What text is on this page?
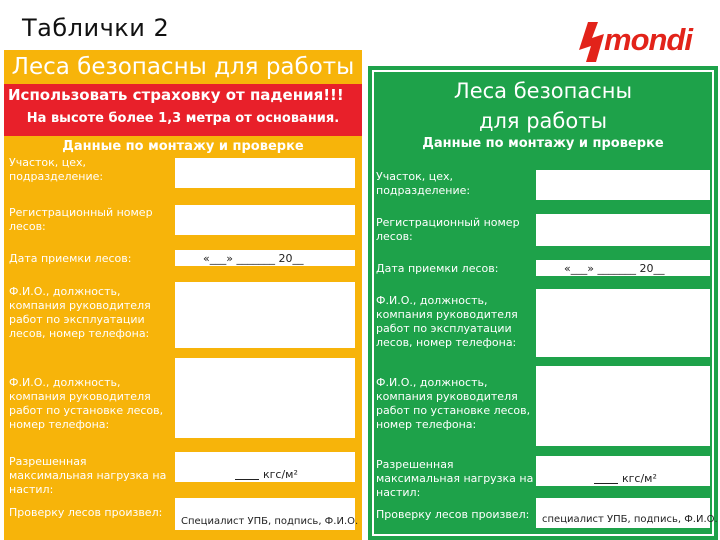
Таблички 2	mondi
Леса безопасны для работы
Использовать страховку от падения!!!
На высоте более 1,3 метра от основания.
Данные по монтажу и проверке
Участок, цех, подразделение:
Регистрационный номер лесов:
Дата приемки лесов:	«___» _______ 20__
Ф.И.О., должность, компания руководителя работ по эксплуатации лесов, номер телефона:
Ф.И.О., должность, компания руководителя работ по установке лесов, номер телефона:
Разрешенная максимальная нагрузка на настил:
кгс/м²
Проверку лесов произвел:
Специалист УПБ, подпись, Ф.И.О.
Леса безопасны
для работы
Данные по монтажу и проверке
Участок, цех, подразделение:
Регистрационный номер лесов:
Дата приемки лесов:	«___» _______ 20__
Ф.И.О., должность, компания руководителя работ по эксплуатации лесов, номер телефона:
Ф.И.О., должность, компания руководителя работ по установке лесов, номер телефона:
Разрешенная максимальная нагрузка на настил:
кгс/м²
Проверку лесов произвел:	специалист УПБ, подпись, Ф.И.О.
